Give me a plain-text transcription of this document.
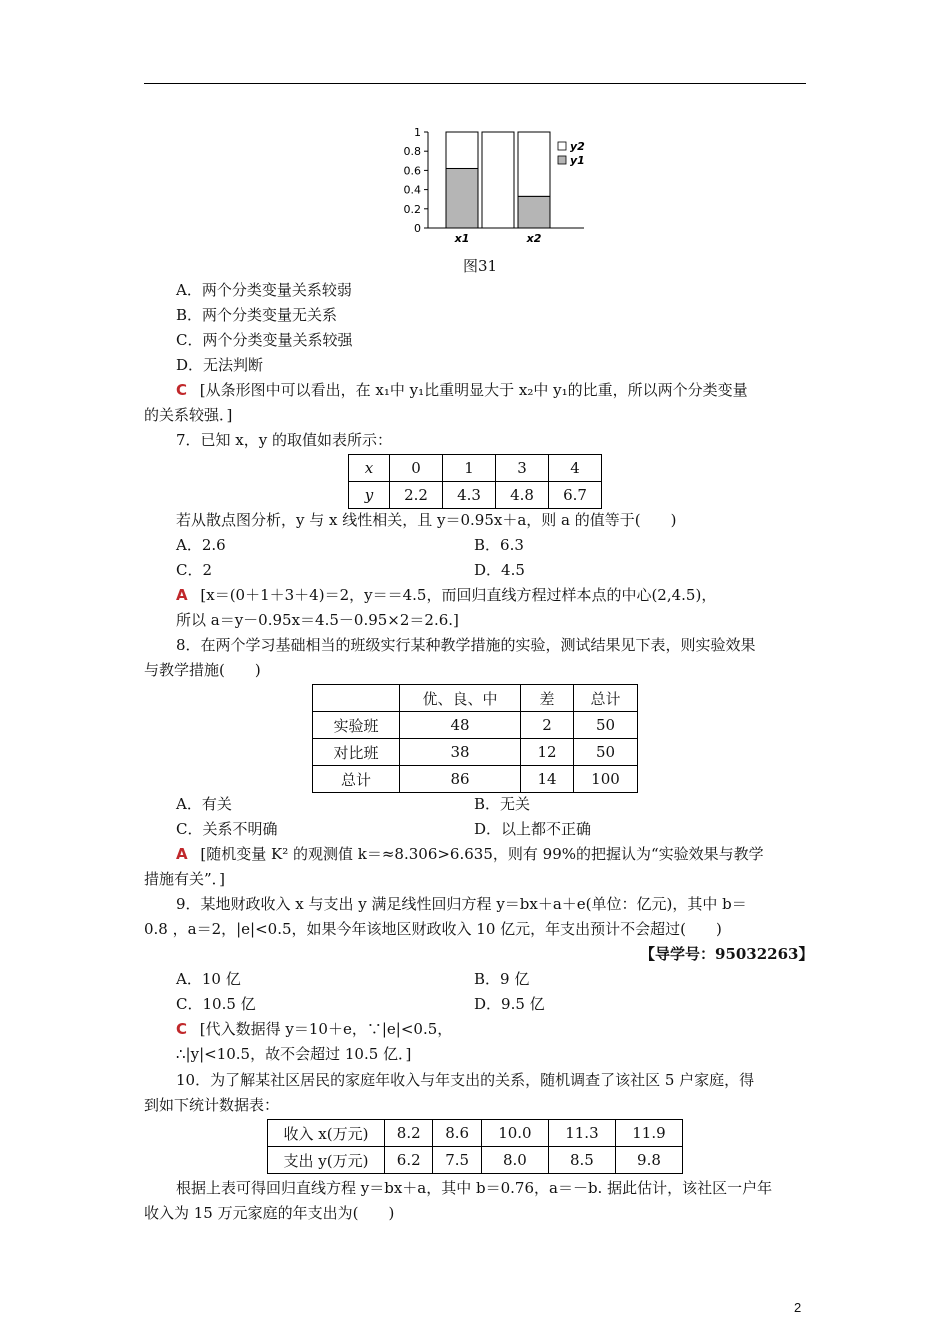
0
0.2
0.4
0.6
0.8
1
x1	x2
y2
y1
图31
A．两个分类变量关系较弱
B．两个分类变量无关系
C．两个分类变量关系较强
D．无法判断
C [从条形图中可以看出，在 x₁中 y₁比重明显大于 x₂中 y₁的比重，所以两个分类变量
的关系较强．]
7．已知 x，y 的取值如表所示：
x	0	1	3	4
y	2.2	4.3	4.8	6.7
若从散点图分析，y 与 x 线性相关，且 y＝0.95x＋a，则 a 的值等于(　　)
A．2.6	B．6.3
C．2	D．4.5
A [x＝(0＋1＋3＋4)＝2，y＝＝4.5，而回归直线方程过样本点的中心(2,4.5)，
所以 a＝y－0.95x＝4.5－0.95×2＝2.6.]
8．在两个学习基础相当的班级实行某种教学措施的实验，测试结果见下表，则实验效果
与教学措施(　　)
	优、良、中	差	总计
实验班	48	2	50
对比班	38	12	50
总计	86	14	100
A．有关	B．无关
C．关系不明确	D．以上都不正确
A [随机变量 K² 的观测值 k＝≈8.306>6.635，则有 99%的把握认为“实验效果与教学
措施有关”．]
9．某地财政收入 x 与支出 y 满足线性回归方程 y＝bx＋a＋e(单位：亿元)，其中 b＝
0.8 ，a＝2，|e|<0.5，如果今年该地区财政收入 10 亿元，年支出预计不会超过(　　)
【导学号：95032263】
A．10 亿	B．9 亿
C．10.5 亿	D．9.5 亿
C [代入数据得 y＝10＋e，∵|e|<0.5，
∴|y|<10.5，故不会超过 10.5 亿．]
10．为了解某社区居民的家庭年收入与年支出的关系，随机调查了该社区 5 户家庭，得
到如下统计数据表：
收入 x(万元)	8.2	8.6	10.0	11.3	11.9
支出 y(万元)	6.2	7.5	8.0	8.5	9.8
根据上表可得回归直线方程 y＝bx＋a，其中 b＝0.76，a＝－b. 据此估计，该社区一户年
收入为 15 万元家庭的年支出为(　　)
2
